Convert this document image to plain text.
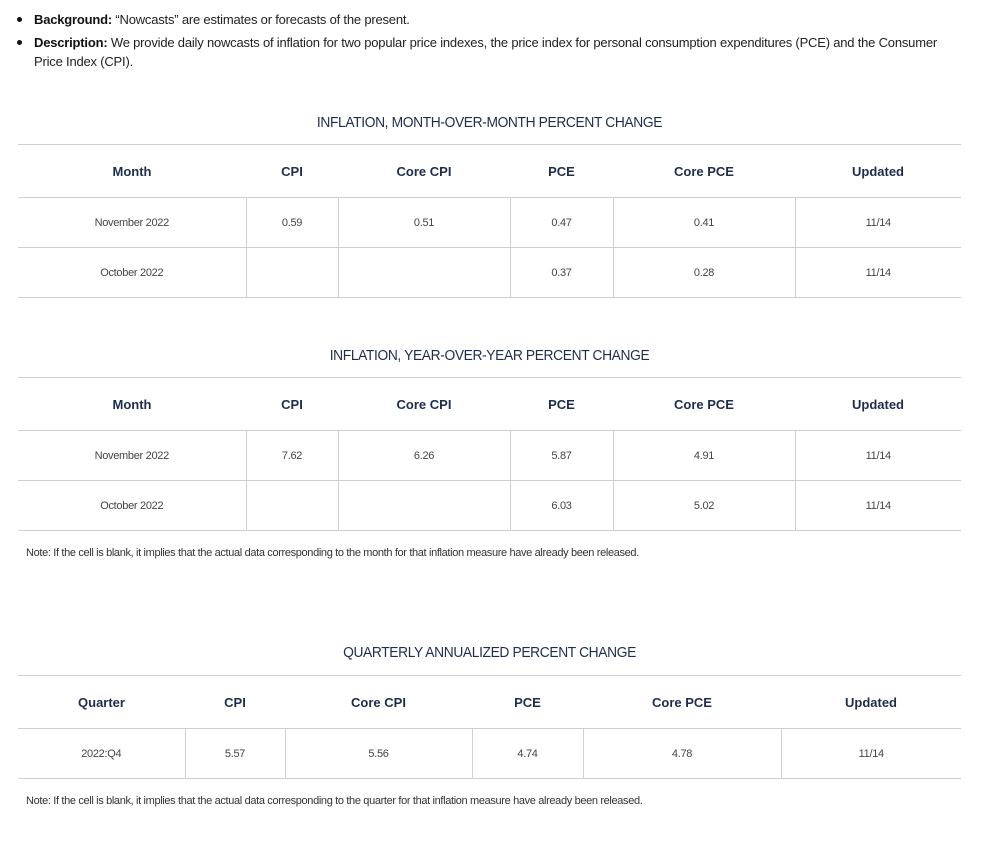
Background: “Nowcasts” are estimates or forecasts of the present.
Description: We provide daily nowcasts of inflation for two popular price indexes, the price index for personal consumption expenditures (PCE) and the Consumer Price Index (CPI).
INFLATION, MONTH-OVER-MONTH PERCENT CHANGE
Month	CPI	Core CPI	PCE	Core PCE	Updated
November 2022	0.59	0.51	0.47	0.41	11/14
October 2022			0.37	0.28	11/14
INFLATION, YEAR-OVER-YEAR PERCENT CHANGE
Month	CPI	Core CPI	PCE	Core PCE	Updated
November 2022	7.62	6.26	5.87	4.91	11/14
October 2022			6.03	5.02	11/14
Note: If the cell is blank, it implies that the actual data corresponding to the month for that inflation measure have already been released.
QUARTERLY ANNUALIZED PERCENT CHANGE
Quarter	CPI	Core CPI	PCE	Core PCE	Updated
2022:Q4	5.57	5.56	4.74	4.78	11/14
Note: If the cell is blank, it implies that the actual data corresponding to the quarter for that inflation measure have already been released.
